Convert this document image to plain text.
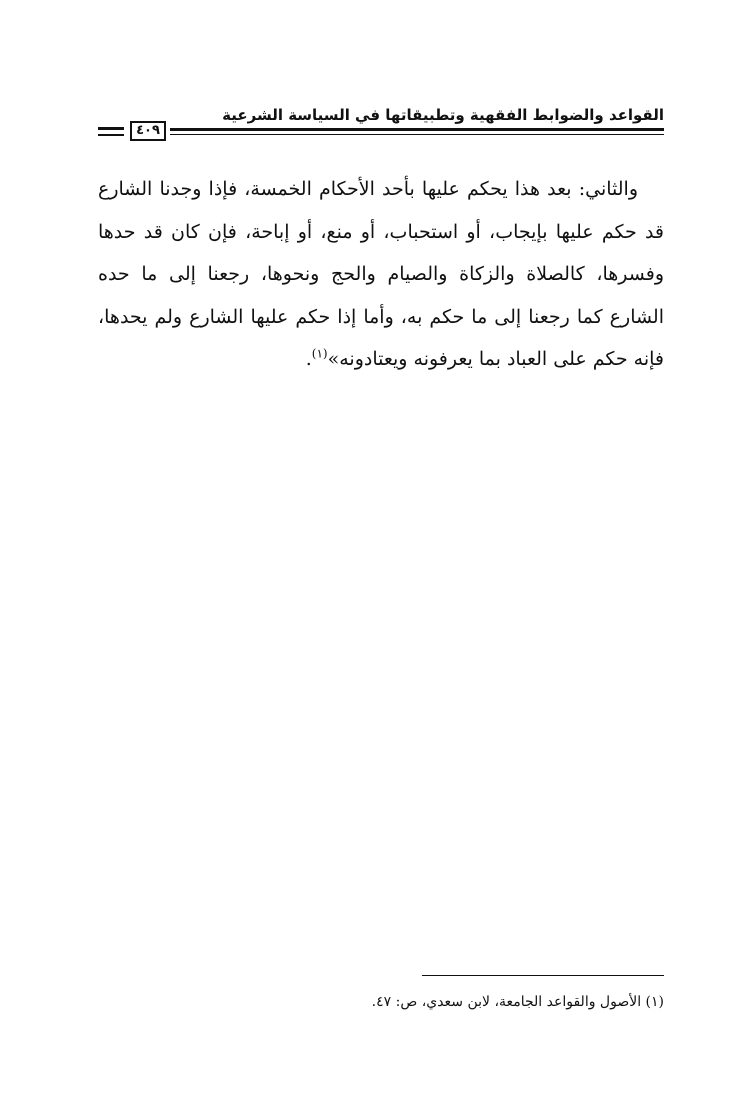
القواعد والضوابط الفقهية وتطبيقاتها في السياسة الشرعية
٤٠٩

والثاني: بعد هذا يحكم عليها بأحد الأحكام الخمسة، فإذا وجدنا الشارع قد حكم عليها بإيجاب، أو استحباب، أو منع، أو إباحة، فإن كان قد حدها وفسرها، كالصلاة والزكاة والصيام والحج ونحوها، رجعنا إلى ما حده الشارع كما رجعنا إلى ما حكم به، وأما إذا حكم عليها الشارع ولم يحدها، فإنه حكم على العباد بما يعرفونه ويعتادونه»$^{(١)}$.

(١) الأصول والقواعد الجامعة، لابن سعدي، ص: ٤٧.
